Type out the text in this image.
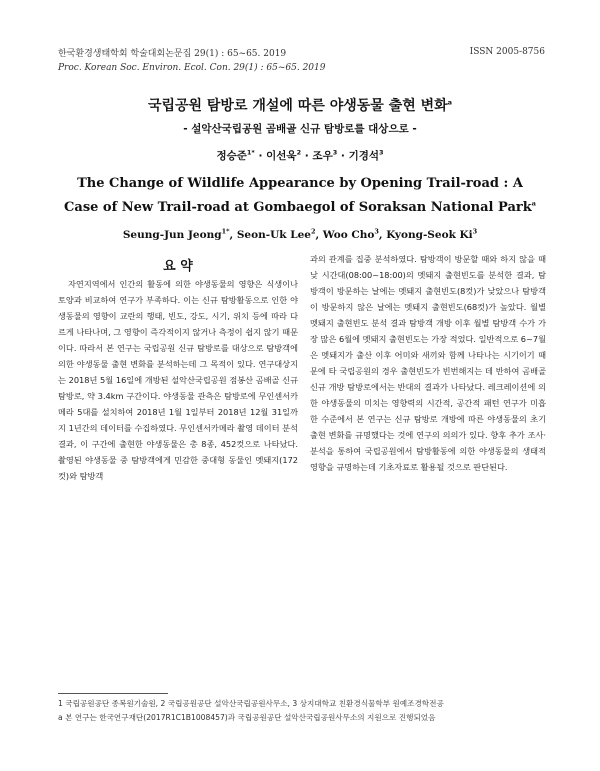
한국환경생태학회 학술대회논문집 29(1) : 65~65. 2019
Proc. Korean Soc. Environ. Ecol. Con. 29(1) : 65~65. 2019
ISSN 2005-8756
국립공원 탐방로 개설에 따른 야생동물 출현 변화$^a$
- 설악산국립공원 곰배골 신규 탐방로를 대상으로 -
정승준$^{1*}$ · 이선욱$^2$ · 조우$^3$ · 기경석$^3$
The Change of Wildlife Appearance by Opening Trail-road : A Case of New Trail-road at Gombaegol of Soraksan National Park$^a$
Seung-Jun Jeong$^{1*}$, Seon-Uk Lee$^2$, Woo Cho$^3$, Kyong-Seok Ki$^3$
요 약

자연지역에서 인간의 활동에 의한 야생동물의 영향은 식생이나 토양과 비교하여 연구가 부족하다. 이는 신규 탐방활동으로 인한 야생동물의 영향이 교란의 행태, 빈도, 강도, 시기, 위치 등에 따라 다르게 나타나며, 그 영향이 즉각적이지 않거나 측정이 쉽지 않기 때문이다. 따라서 본 연구는 국립공원 신규 탐방로를 대상으로 탐방객에 의한 야생동물 출현 변화를 분석하는데 그 목적이 있다. 연구대상지는 2018년 5월 16일에 개방된 설악산국립공원 점봉산 곰배골 신규 탐방로, 약 3.4km 구간이다. 야생동물 관측은 탐방로에 무인센서카메라 5대를 설치하여 2018년 1월 1일부터 2018년 12월 31일까지 1년간의 데이터를 수집하였다. 무인센서카메라 촬영 데이터 분석결과, 이 구간에 출현한 야생동물은 총 8종, 452컷으로 나타났다. 촬영된 야생동물 중 탐방객에게 민감한 중대형 동물인 멧돼지(172컷)와 탐방객

과의 관계를 집중 분석하였다. 탐방객이 방문할 때와 하지 않을 때 낮 시간대(08:00~18:00)의 멧돼지 출현빈도를 분석한 결과, 탐방객이 방문하는 날에는 멧돼지 출현빈도(8컷)가 낮았으나 탐방객이 방문하지 않은 날에는 멧돼지 출현빈도(68컷)가 높았다. 월별 멧돼지 출현빈도 분석 결과 탐방객 개방 이후 월별 탐방객 수가 가장 많은 6월에 멧돼지 출현빈도는 가장 적었다. 일반적으로 6~7월은 멧돼지가 출산 이후 어미와 새끼와 함께 나타나는 시기이기 때문에 타 국립공원의 경우 출현빈도가 빈번해지는 데 반하여 곰배골 신규 개방 탐방로에서는 반대의 결과가 나타났다. 레크레이션에 의한 야생동물의 미치는 영향력의 시간적, 공간적 패턴 연구가 미흡한 수준에서 본 연구는 신규 탐방로 개방에 따른 야생동물의 초기 출현 변화를 규명했다는 것에 연구의 의의가 있다. 향후 추가 조사·분석을 통하여 국립공원에서 탐방활동에 의한 야생동물의 생태적 영향을 규명하는데 기초자료로 활용될 것으로 판단된다.

1 국립공원공단 종복원기술원, 2 국립공원공단 설악산국립공원사무소, 3 상지대학교 친환경식물학부 원예조경학전공
a 본 연구는 한국연구재단(2017R1C1B1008457)과 국립공원공단 설악산국립공원사무소의 지원으로 진행되었음
